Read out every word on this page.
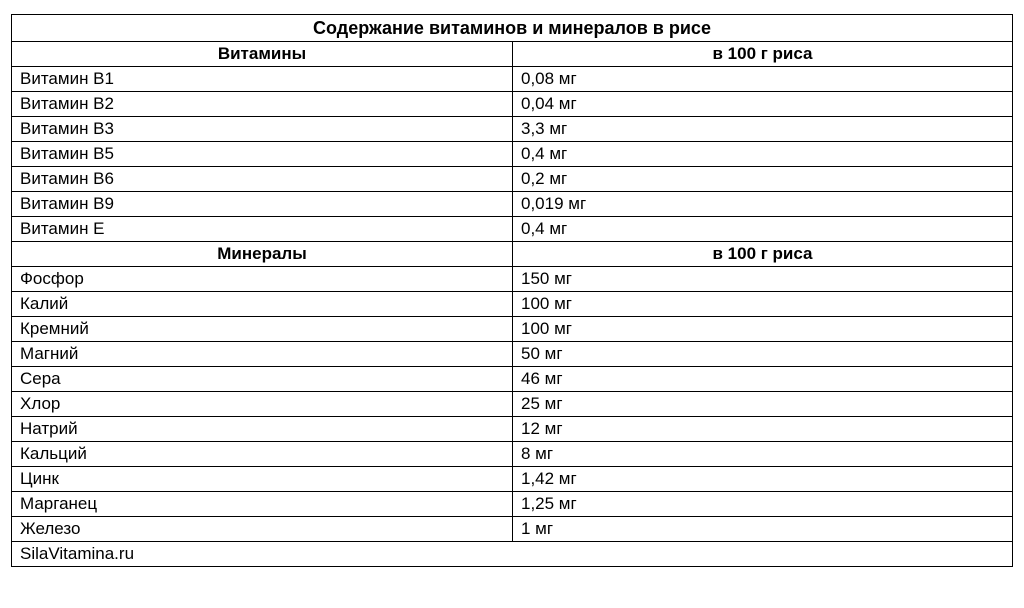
Содержание витаминов и минералов в рисе	
Витамины	в 100 г риса
Витамин В1	0,08 мг
Витамин В2	0,04 мг
Витамин В3	3,3 мг
Витамин В5	0,4 мг
Витамин В6	0,2 мг
Витамин В9	0,019 мг
Витамин Е	0,4 мг
Минералы	в 100 г риса
Фосфор	150 мг
Калий	100 мг
Кремний	100 мг
Магний	50 мг
Сера	46 мг
Хлор	25 мг
Натрий	12 мг
Кальций	8 мг
Цинк	1,42 мг
Марганец	1,25 мг
Железо	1 мг
SilaVitamina.ru	
